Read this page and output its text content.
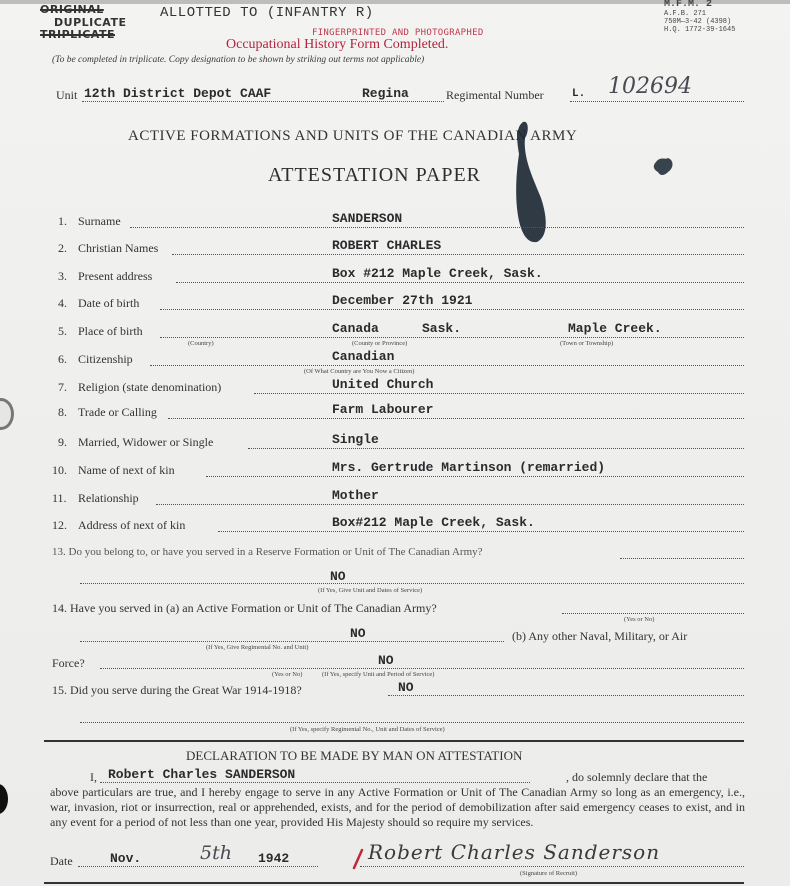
ORIGINAL
DUPLICATE
TRIPLICATE
ALLOTTED TO (INFANTRY R)
FINGERPRINTED AND PHOTOGRAPHED
Occupational History Form Completed.
(To be completed in triplicate. Copy designation to be shown by striking out terms not applicable)
M.F.M. 2
A.F.B. 271
750M—3-42 (4398)
H.Q. 1772-39-1645
Unit 12th District Depot CAAF	Regina	Regimental Number	L. 102694
ACTIVE FORMATIONS AND UNITS OF THE CANADIAN ARMY
ATTESTATION PAPER
1. Surname	SANDERSON
2. Christian Names	ROBERT CHARLES
3. Present address	Box #212 Maple Creek, Sask.
4. Date of birth	December 27th 1921
5. Place of birth	Canada	Sask.	Maple Creek.
(Country)	(County or Province)	(Town or Township)
6. Citizenship	Canadian
(Of What Country are You Now a Citizen)
7. Religion (state denomination)	United Church
8. Trade or Calling	Farm Labourer
9. Married, Widower or Single	Single
10. Name of next of kin	Mrs. Gertrude Martinson (remarried)
11. Relationship	Mother
12. Address of next of kin	Box#212 Maple Creek, Sask.
13. Do you belong to, or have you served in a Reserve Formation or Unit of The Canadian Army?
NO
(If Yes, Give Unit and Dates of Service)
14. Have you served in (a) an Active Formation or Unit of The Canadian Army?
(Yes or No)
NO	(b) Any other Naval, Military, or Air
(If Yes, Give Regimental No. and Unit)
Force?	NO
(Yes or No)	(If Yes, specify Unit and Period of Service)
15. Did you serve during the Great War 1914-1918?	NO
(If Yes, specify Regimental No., Unit and Dates of Service)
DECLARATION TO BE MADE BY MAN ON ATTESTATION
I, Robert Charles SANDERSON	, do solemnly declare that the
above particulars are true, and I hereby engage to serve in any Active Formation or Unit of The Canadian Army so long as an emergency, i.e., war, invasion, riot or insurrection, real or apprehended, exists, and for the period of demobilization after said emergency ceases to exist, and in any event for a period of not less than one year, provided His Majesty should so require my services.
Date	Nov.	5th 1942	Robert Charles Sanderson
(Signature of Recruit)
